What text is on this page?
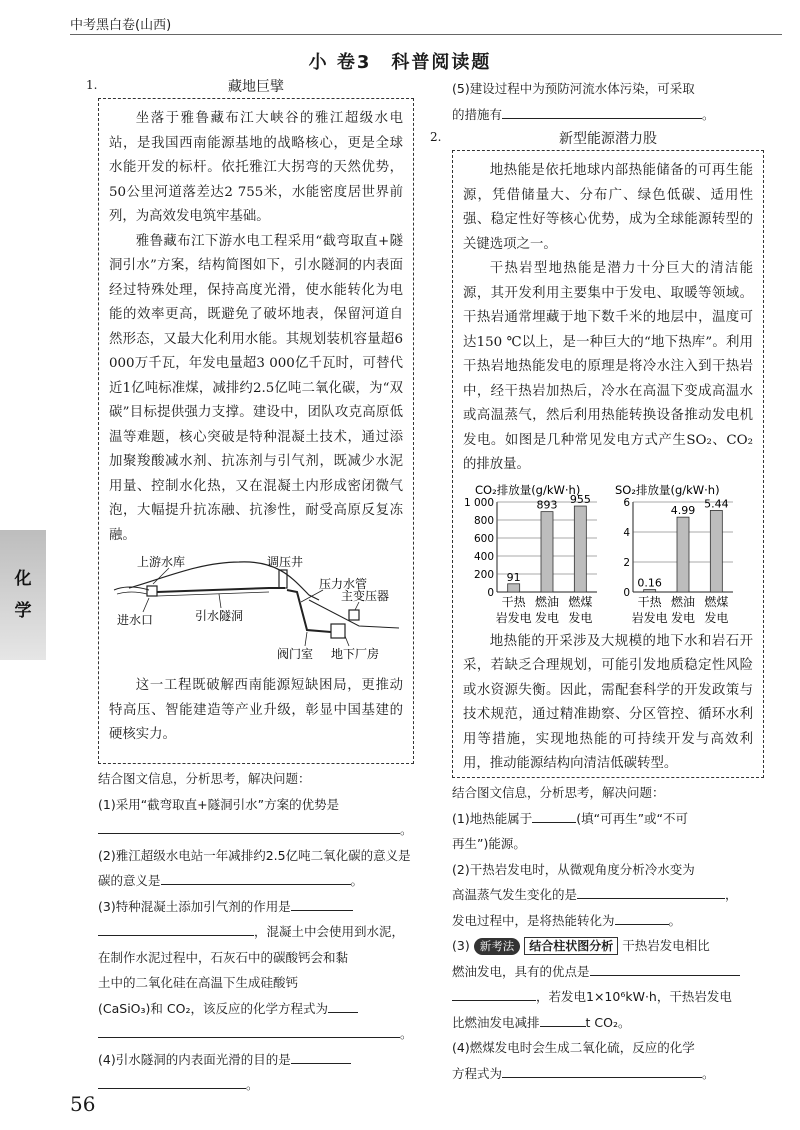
中考黑白卷(山西)
小 卷3　科普阅读题
化
学
1.	藏地巨擘

坐落于雅鲁藏布江大峡谷的雅江超级水电站，是我国西南能源基地的战略核心，更是全球水能开发的标杆。依托雅江大拐弯的天然优势，50公里河道落差达2 755米，水能密度居世界前列，为高效发电筑牢基础。

雅鲁藏布江下游水电工程采用“截弯取直+隧洞引水”方案，结构简图如下，引水隧洞的内表面经过特殊处理，保持高度光滑，使水能转化为电能的效率更高，既避免了破坏地表，保留河道自然形态，又最大化利用水能。其规划装机容量超6 000万千瓦，年发电量超3 000亿千瓦时，可替代近1亿吨标准煤，减排约2.5亿吨二氧化碳，为“双碳”目标提供强力支撑。建设中，团队攻克高原低温等难题，核心突破是特种混凝土技术，通过添加聚羧酸减水剂、抗冻剂与引气剂，既减少水泥用量、控制水化热，又在混凝土内形成密闭微气泡，大幅提升抗冻融、抗渗性，耐受高原反复冻融。

上游水库	调压井
进水口	引水隧洞
压力水管
主变压器
阀门室 地下厂房

这一工程既破解西南能源短缺困局，更推动特高压、智能建造等产业升级，彰显中国基建的硬核实力。

结合图文信息，分析思考，解决问题：

(1)采用“截弯取直+隧洞引水”方案的优势是

。

(2)雅江超级水电站一年减排约2.5亿吨二氧化碳的意义是

碳的意义是	。

(3)特种混凝土添加引气剂的作用是

，混凝土中会使用到水泥，

在制作水泥过程中，石灰石中的碳酸钙会和黏

土中的二氧化硅在高温下生成硅酸钙

(CaSiO₃)和 CO₂，该反应的化学方程式为

。

(4)引水隧洞的内表面光滑的目的是

。

(5)建设过程中为预防河流水体污染，可采取

的措施有	。

2.	新型能源潜力股

地热能是依托地球内部热能储备的可再生能源，凭借储量大、分布广、绿色低碳、适用性强、稳定性好等核心优势，成为全球能源转型的关键选项之一。

干热岩型地热能是潜力十分巨大的清洁能源，其开发利用主要集中于发电、取暖等领域。干热岩通常埋藏于地下数千米的地层中，温度可达150 ℃以上，是一种巨大的“地下热库”。利用干热岩地热能发电的原理是将冷水注入到干热岩中，经干热岩加热后，冷水在高温下变成高温水或高温蒸气，然后利用热能转换设备推动发电机发电。如图是几种常见发电方式产生SO₂、CO₂的排放量。

CO₂排放量(g/kW·h)	SO₂排放量(g/kW·h)
0
200
400
600
800
1 000
91
干热
岩发电
893
燃油
发电
955
燃煤
发电
0
2
4
6
0.16
干热
岩发电
4.99
燃油
发电
5.44
燃煤
发电

地热能的开采涉及大规模的地下水和岩石开采，若缺乏合理规划，可能引发地质稳定性风险或水资源失衡。因此，需配套科学的开发政策与技术规范，通过精准勘察、分区管控、循环水利用等措施，实现地热能的可持续开发与高效利用，推动能源结构向清洁低碳转型。

结合图文信息，分析思考，解决问题：

(1)地热能属于	(填“可再生”或“不可

再生”)能源。

(2)干热岩发电时，从微观角度分析冷水变为

高温蒸气发生变化的是	，

发电过程中，是将热能转化为	。

(3) 新考法 结合柱状图分析 干热岩发电相比

燃油发电，具有的优点是

，若发电1×10⁶kW·h，干热岩发电

比燃油发电减排	t CO₂。

(4)燃煤发电时会生成二氧化硫，反应的化学

方程式为	。

56
